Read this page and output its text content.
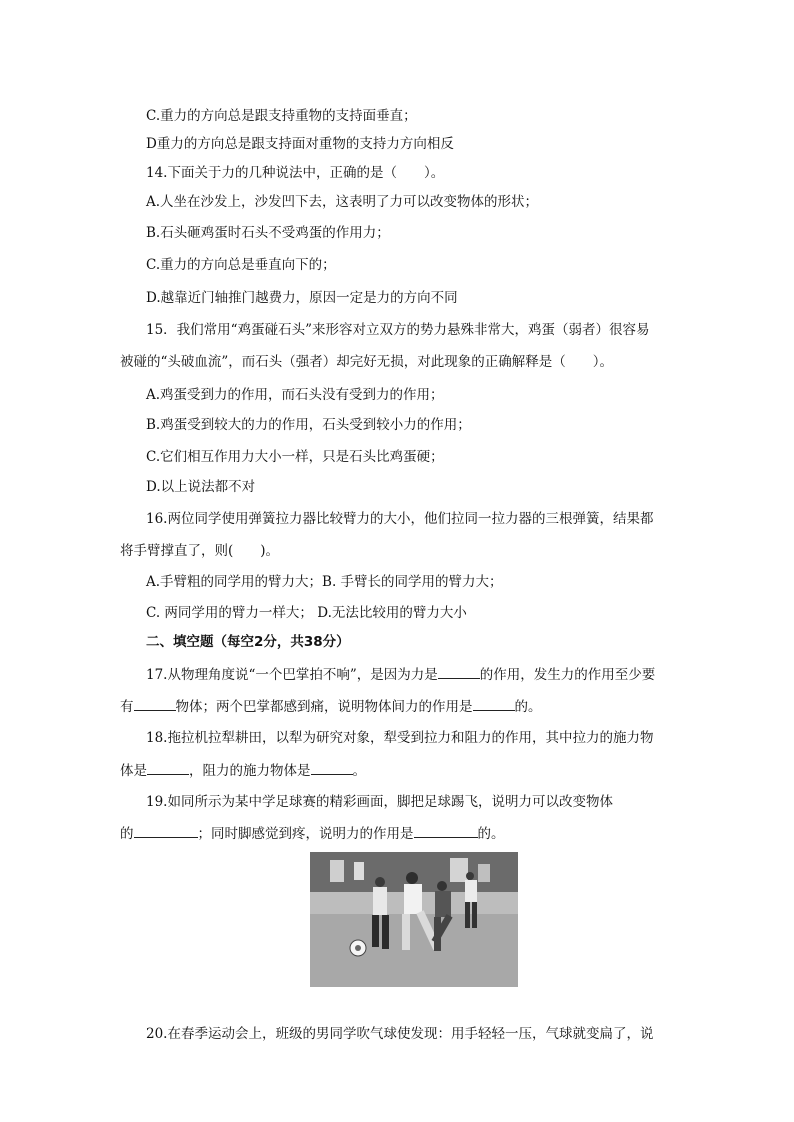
C.重力的方向总是跟支持重物的支持面垂直；
D重力的方向总是跟支持面对重物的支持力方向相反
14.下面关于力的几种说法中，正确的是（　　）。
A.人坐在沙发上，沙发凹下去，这表明了力可以改变物体的形状；
B.石头砸鸡蛋时石头不受鸡蛋的作用力；
C.重力的方向总是垂直向下的；
D.越靠近门轴推门越费力，原因一定是力的方向不同
15．我们常用“鸡蛋碰石头”来形容对立双方的势力悬殊非常大，鸡蛋（弱者）很容易
被碰的“头破血流”，而石头（强者）却完好无损，对此现象的正确解释是（　　）。
A.鸡蛋受到力的作用，而石头没有受到力的作用；
B.鸡蛋受到较大的力的作用，石头受到较小力的作用；
C.它们相互作用力大小一样，只是石头比鸡蛋硬；
D.以上说法都不对
16.两位同学使用弹簧拉力器比较臂力的大小，他们拉同一拉力器的三根弹簧，结果都
将手臂撑直了，则(　　)。
A.手臂粗的同学用的臂力大；B. 手臂长的同学用的臂力大；
C. 两同学用的臂力一样大； D.无法比较用的臂力大小
二、填空题（每空2分，共38分）
17.从物理角度说“一个巴掌拍不响”，是因为力是	的作用，发生力的作用至少要
有	物体；两个巴掌都感到痛，说明物体间力的作用是	的。
18.拖拉机拉犁耕田，以犁为研究对象，犁受到拉力和阻力的作用，其中拉力的施力物
体是	，阻力的施力物体是	。
19.如同所示为某中学足球赛的精彩画面，脚把足球踢飞，说明力可以改变物体
的	；同时脚感觉到疼，说明力的作用是	的。
20.在春季运动会上，班级的男同学吹气球使发现：用手轻轻一压，气球就变扁了，说
